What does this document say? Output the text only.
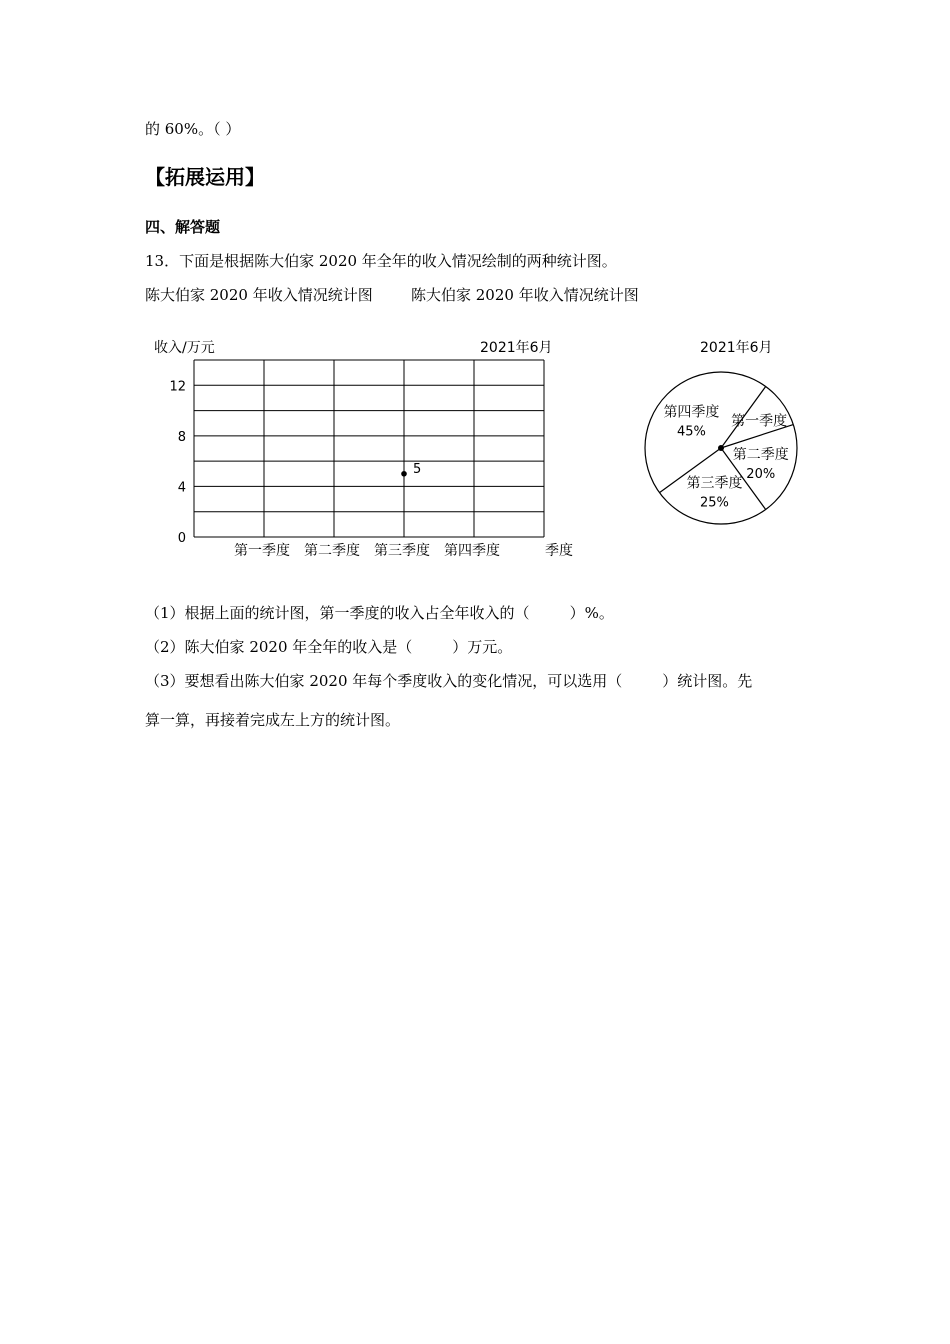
的 60%。（ ）
【拓展运用】
四、解答题
13．下面是根据陈大伯家 2020 年全年的收入情况绘制的两种统计图。
陈大伯家 2020 年收入情况统计图	陈大伯家 2020 年收入情况统计图
收入/万元	2021年6月
0
4
8
12
第一季度 第二季度 第三季度 第四季度
5
季度
2021年6月
第一季度
第二季度
20%
第三季度
25%
第四季度
45%
（1）根据上面的统计图，第一季度的收入占全年收入的（	）%。
（2）陈大伯家 2020 年全年的收入是（	）万元。
（3）要想看出陈大伯家 2020 年每个季度收入的变化情况，可以选用（	）统计图。先
算一算，再接着完成左上方的统计图。
